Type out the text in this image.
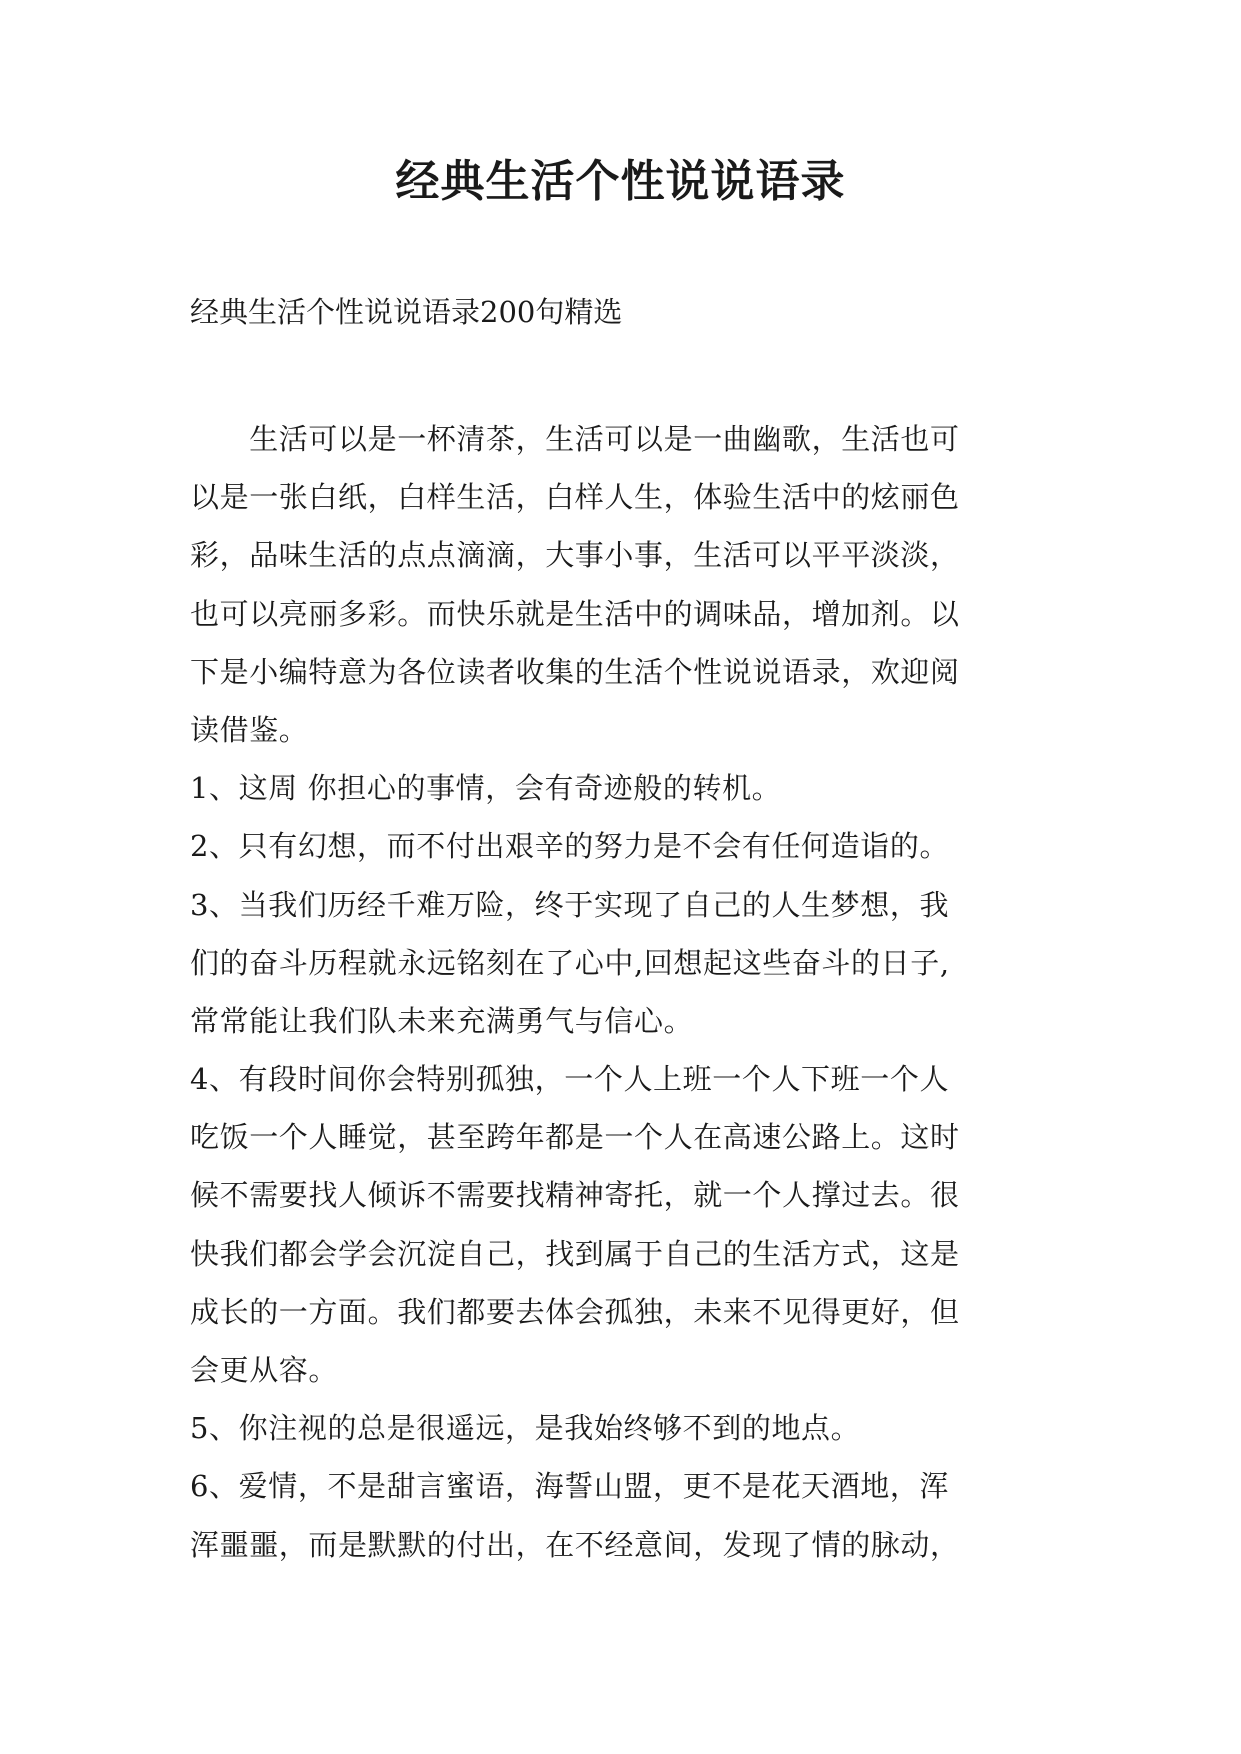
经典生活个性说说语录

经典生活个性说说语录200句精选

　　生活可以是一杯清茶，生活可以是一曲幽歌，生活也可

以是一张白纸，白样生活，白样人生，体验生活中的炫丽色

彩，品味生活的点点滴滴，大事小事，生活可以平平淡淡，

也可以亮丽多彩。而快乐就是生活中的调味品，增加剂。以

下是小编特意为各位读者收集的生活个性说说语录，欢迎阅

读借鉴。

1、这周 你担心的事情，会有奇迹般的转机。

2、只有幻想，而不付出艰辛的努力是不会有任何造诣的。

3、当我们历经千难万险，终于实现了自己的人生梦想，我

们的奋斗历程就永远铭刻在了心中,回想起这些奋斗的日子,

常常能让我们队未来充满勇气与信心。

4、有段时间你会特别孤独，一个人上班一个人下班一个人

吃饭一个人睡觉，甚至跨年都是一个人在高速公路上。这时

候不需要找人倾诉不需要找精神寄托，就一个人撑过去。很

快我们都会学会沉淀自己，找到属于自己的生活方式，这是

成长的一方面。我们都要去体会孤独，未来不见得更好，但

会更从容。

5、你注视的总是很遥远，是我始终够不到的地点。

6、爱情，不是甜言蜜语，海誓山盟，更不是花天酒地，浑

浑噩噩，而是默默的付出，在不经意间，发现了情的脉动，
